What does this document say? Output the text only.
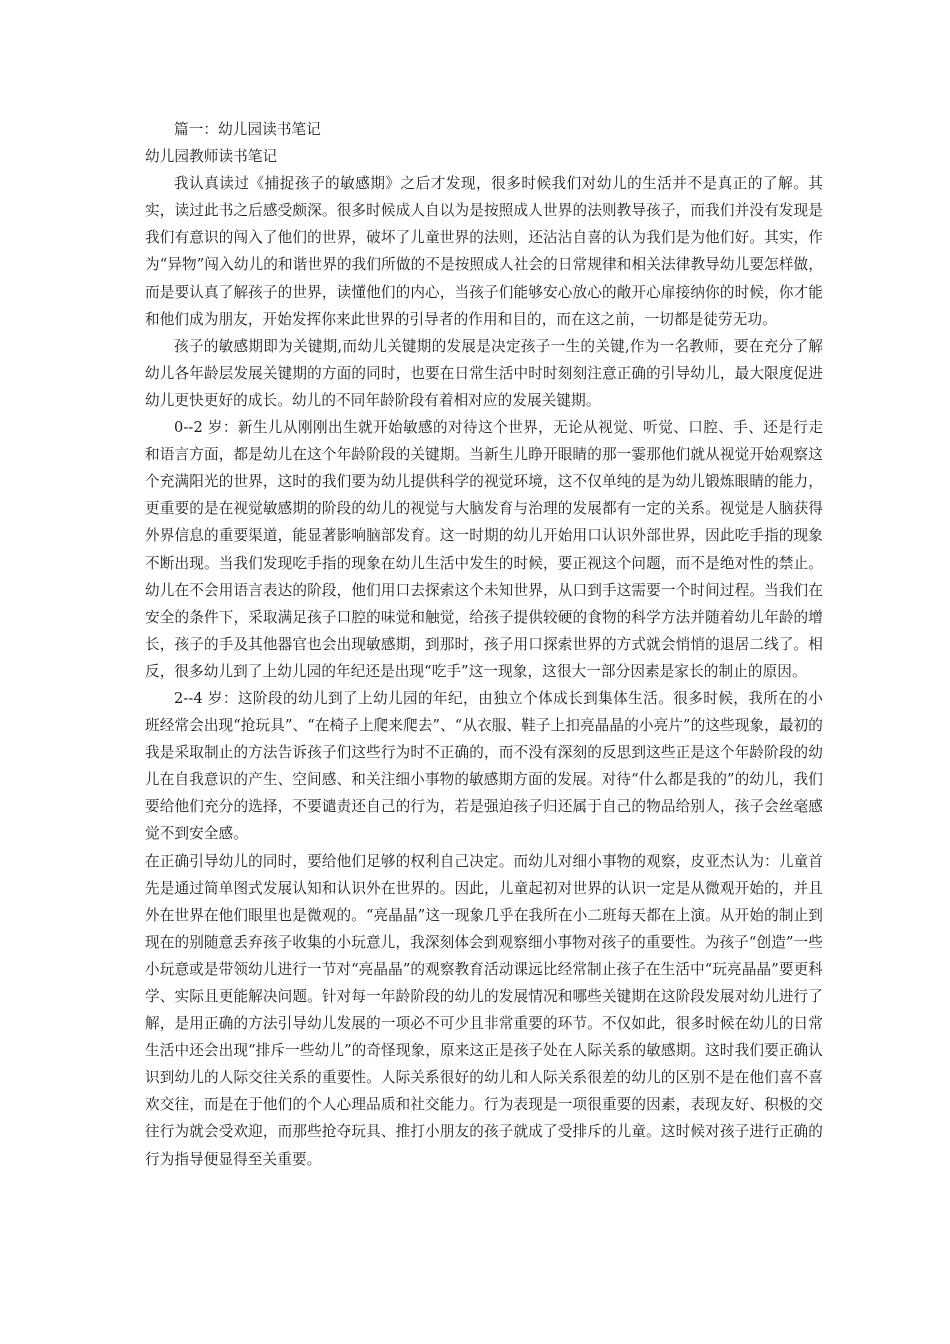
篇一：幼儿园读书笔记

幼儿园教师读书笔记

我认真读过《捕捉孩子的敏感期》之后才发现，很多时候我们对幼儿的生活并不是真正的了解。其实，读过此书之后感受颇深。很多时候成人自以为是按照成人世界的法则教导孩子，而我们并没有发现是我们有意识的闯入了他们的世界，破坏了儿童世界的法则，还沾沾自喜的认为我们是为他们好。其实，作为“异物”闯入幼儿的和谐世界的我们所做的不是按照成人社会的日常规律和相关法律教导幼儿要怎样做，而是要认真了解孩子的世界，读懂他们的内心，当孩子们能够安心放心的敞开心扉接纳你的时候，你才能和他们成为朋友，开始发挥你来此世界的引导者的作用和目的，而在这之前，一切都是徒劳无功。

孩子的敏感期即为关键期,而幼儿关键期的发展是决定孩子一生的关键,作为一名教师，要在充分了解幼儿各年龄层发展关键期的方面的同时，也要在日常生活中时时刻刻注意正确的引导幼儿，最大限度促进幼儿更快更好的成长。幼儿的不同年龄阶段有着相对应的发展关键期。

0--2 岁：新生儿从刚刚出生就开始敏感的对待这个世界，无论从视觉、听觉、口腔、手、还是行走和语言方面，都是幼儿在这个年龄阶段的关键期。当新生儿睁开眼睛的那一霎那他们就从视觉开始观察这个充满阳光的世界，这时的我们要为幼儿提供科学的视觉环境，这不仅单纯的是为幼儿锻炼眼睛的能力，更重要的是在视觉敏感期的阶段的幼儿的视觉与大脑发育与治理的发展都有一定的关系。视觉是人脑获得外界信息的重要渠道，能显著影响脑部发育。这一时期的幼儿开始用口认识外部世界，因此吃手指的现象不断出现。当我们发现吃手指的现象在幼儿生活中发生的时候，要正视这个问题，而不是绝对性的禁止。幼儿在不会用语言表达的阶段，他们用口去探索这个未知世界，从口到手这需要一个时间过程。当我们在安全的条件下，采取满足孩子口腔的味觉和触觉，给孩子提供较硬的食物的科学方法并随着幼儿年龄的增长，孩子的手及其他器官也会出现敏感期，到那时，孩子用口探索世界的方式就会悄悄的退居二线了。相反，很多幼儿到了上幼儿园的年纪还是出现“吃手”这一现象，这很大一部分因素是家长的制止的原因。

2--4 岁：这阶段的幼儿到了上幼儿园的年纪，由独立个体成长到集体生活。很多时候，我所在的小班经常会出现“抢玩具”、“在椅子上爬来爬去”、“从衣服、鞋子上扣亮晶晶的小亮片”的这些现象，最初的我是采取制止的方法告诉孩子们这些行为时不正确的，而不没有深刻的反思到这些正是这个年龄阶段的幼儿在自我意识的产生、空间感、和关注细小事物的敏感期方面的发展。对待“什么都是我的”的幼儿，我们要给他们充分的选择，不要谴责还自己的行为，若是强迫孩子归还属于自己的物品给别人，孩子会丝毫感觉不到安全感。

在正确引导幼儿的同时，要给他们足够的权利自己决定。而幼儿对细小事物的观察，皮亚杰认为：儿童首先是通过简单图式发展认知和认识外在世界的。因此，儿童起初对世界的认识一定是从微观开始的，并且外在世界在他们眼里也是微观的。“亮晶晶”这一现象几乎在我所在小二班每天都在上演。从开始的制止到现在的别随意丢弃孩子收集的小玩意儿，我深刻体会到观察细小事物对孩子的重要性。为孩子“创造”一些小玩意或是带领幼儿进行一节对“亮晶晶”的观察教育活动课远比经常制止孩子在生活中“玩亮晶晶”要更科学、实际且更能解决问题。针对每一年龄阶段的幼儿的发展情况和哪些关键期在这阶段发展对幼儿进行了解，是用正确的方法引导幼儿发展的一项必不可少且非常重要的环节。不仅如此，很多时候在幼儿的日常生活中还会出现“排斥一些幼儿”的奇怪现象，原来这正是孩子处在人际关系的敏感期。这时我们要正确认识到幼儿的人际交往关系的重要性。人际关系很好的幼儿和人际关系很差的幼儿的区别不是在他们喜不喜欢交往，而是在于他们的个人心理品质和社交能力。行为表现是一项很重要的因素，表现友好、积极的交往行为就会受欢迎，而那些抢夺玩具、推打小朋友的孩子就成了受排斥的儿童。这时候对孩子进行正确的行为指导便显得至关重要。
